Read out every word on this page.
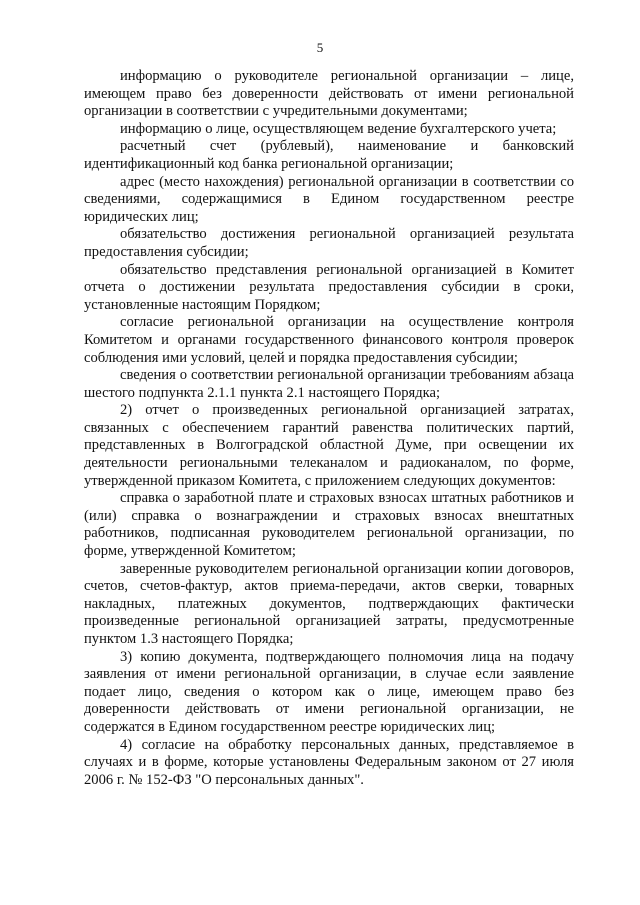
5

информацию о руководителе региональной организации – лице, имеющем право без доверенности действовать от имени региональной организации в соответствии с учредительными документами;

информацию о лице, осуществляющем ведение бухгалтерского учета;

расчетный счет (рублевый), наименование и банковский идентификационный код банка региональной организации;

адрес (место нахождения) региональной организации в соответствии со сведениями, содержащимися в Едином государственном реестре юридических лиц;

обязательство достижения региональной организацией результата предоставления субсидии;

обязательство представления региональной организацией в Комитет отчета о достижении результата предоставления субсидии в сроки, установленные настоящим Порядком;

согласие региональной организации на осуществление контроля Комитетом и органами государственного финансового контроля проверок соблюдения ими условий, целей и порядка предоставления субсидии;

сведения о соответствии региональной организации требованиям абзаца шестого подпункта 2.1.1 пункта 2.1 настоящего Порядка;

2) отчет о произведенных региональной организацией затратах, связанных с обеспечением гарантий равенства политических партий, представленных в Волгоградской областной Думе, при освещении их деятельности региональными телеканалом и радиоканалом, по форме, утвержденной приказом Комитета, с приложением следующих документов:

справка о заработной плате и страховых взносах штатных работников и (или) справка о вознаграждении и страховых взносах внештатных работников, подписанная руководителем региональной организации, по форме, утвержденной Комитетом;

заверенные руководителем региональной организации копии договоров, счетов, счетов-фактур, актов приема-передачи, актов сверки, товарных накладных, платежных документов, подтверждающих фактически произведенные региональной организацией затраты, предусмотренные пунктом 1.3 настоящего Порядка;

3) копию документа, подтверждающего полномочия лица на подачу заявления от имени региональной организации, в случае если заявление подает лицо, сведения о котором как о лице, имеющем право без доверенности действовать от имени региональной организации, не содержатся в Едином государственном реестре юридических лиц;

4) согласие на обработку персональных данных, представляемое в случаях и в форме, которые установлены Федеральным законом от 27 июля 2006 г. № 152-ФЗ "О персональных данных".
